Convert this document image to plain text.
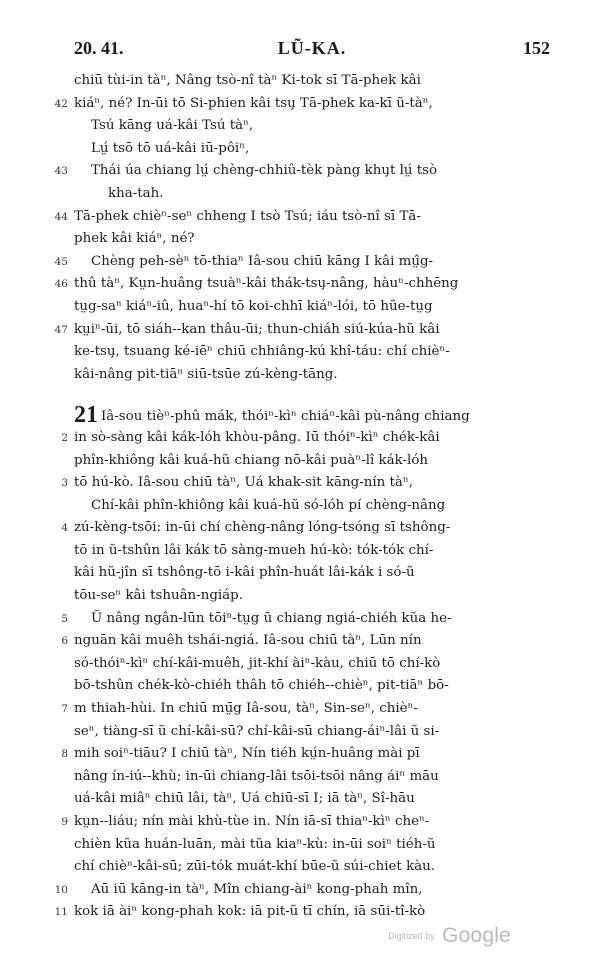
20. 41.	LŨ-KA.	152
chiū tùi-in tàⁿ, Nâng tsò-nî tàⁿ Ki-tok sī Tā-phek kâi
42 kiáⁿ, né? In-ūi tō Si-phien kâi tsu̧ Tā-phek ka-kī ũ-tàⁿ,
Tsú kāng uá-kâi Tsú tàⁿ,
Lṳ́ tsō tō uá-kâi iū-pôiⁿ,
43 Thái úa chiang lṳ́ chèng-chhiû-tèk pàng khu̧t lṳ́ tsò
kha-tah.
44 Tā-phek chièⁿ-seⁿ chheng I tsò Tsú; iáu tsò-nî sī Tā-
phek kâi kiáⁿ, né?
45 Chèng peh-sèⁿ tō-thiaⁿ Iâ-sou chiū kāng I kâi mṳ̂g-
46 thû tàⁿ, Kṳn-huâng tsuàⁿ-kâi thák-tsu̧-nâng, hàuⁿ-chhēng
tṳg-saⁿ kiáⁿ-iû, huaⁿ-hí tō koi-chhī kiáⁿ-lói, tō hũe-tṳg
47 kṳiⁿ-ūi, tō siáh--kan thâu-ūi; thun-chiáh siú-kúa-hũ kâi
ke-tsu̧, tsuang ké-iēⁿ chiū chhiâng-kú khî-táu: chí chièⁿ-
kâi-nâng pit-tiāⁿ siū-tsūe zú-kèng-tāng.
21 Iâ-sou tièⁿ-phû mák, thóiⁿ-kìⁿ chiáⁿ-kâi pù-nâng chiang
2 in sò-sàng kâi kák-lóh khòu-pâng. Iū thóiⁿ-kìⁿ chék-kâi
phîn-khiông kâi kuá-hũ chiang nō-kâi puàⁿ-lî kák-lóh
3 tō hú-kò. Iâ-sou chiū tàⁿ, Uá khak-sit kāng-nín tàⁿ,
Chí-kâi phîn-khiông kâi kuá-hũ só-lóh pí chèng-nâng
4 zú-kèng-tsōi: in-ūi chí chèng-nâng lóng-tsóng sī tshông-
tō in ũ-tshûn lâi kák tō sàng-mueh hú-kò: tók-tók chí-
kâi hũ-jîn sī tshông-tō i-kâi phîn-huát lâi-kák i só-ũ
tōu-seⁿ kâi tshuân-ngiáp.
5 Ũ nâng ngân-lūn tōiⁿ-tṳg ũ chiang ngiá-chiéh kũa he-
6 nguān kâi muêh tshái-ngiá. Iâ-sou chiū tàⁿ, Lūn nín
só-thóiⁿ-kìⁿ chí-kâi-muêh, jit-khí àiⁿ-kàu, chiū tō chí-kò
bō-tshûn chék-kò-chiéh thâh tō chiéh--chièⁿ, pit-tiāⁿ bō-
7 m thiah-hùi. In chiū mṳ̄g Iâ-sou, tàⁿ, Sin-seⁿ, chièⁿ-
seⁿ, tiàng-sī ũ chí-kâi-sū? chí-kâi-sū chiang-áiⁿ-lâi ũ si-
8 mih soiⁿ-tiāu? I chiū tàⁿ, Nín tiéh kṳ́n-huâng mài pī
nâng ín-iú--khù; in-ūi chiang-lâi tsōi-tsōi nâng áiⁿ māu
uá-kâi miâⁿ chiū lâi, tàⁿ, Uá chiū-sī I; iā tàⁿ, Sî-hāu
9 kṳn--liáu; nín mài khù-tùe in. Nín iā-sī thiaⁿ-kìⁿ cheⁿ-
chièn kũa huán-luān, mài tũa kiaⁿ-kù: in-ūi soiⁿ tiéh-ũ
chí chièⁿ-kâi-sū; zūi-tók muát-khí būe-ũ súi-chiet kàu.
10 Aū iū kāng-in tàⁿ, Mîn chiang-àiⁿ kong-phah mîn,
11 kok iā àiⁿ kong-phah kok: iā pit-ũ tī chín, iā sūi-tî-kò
Digitized by Google
